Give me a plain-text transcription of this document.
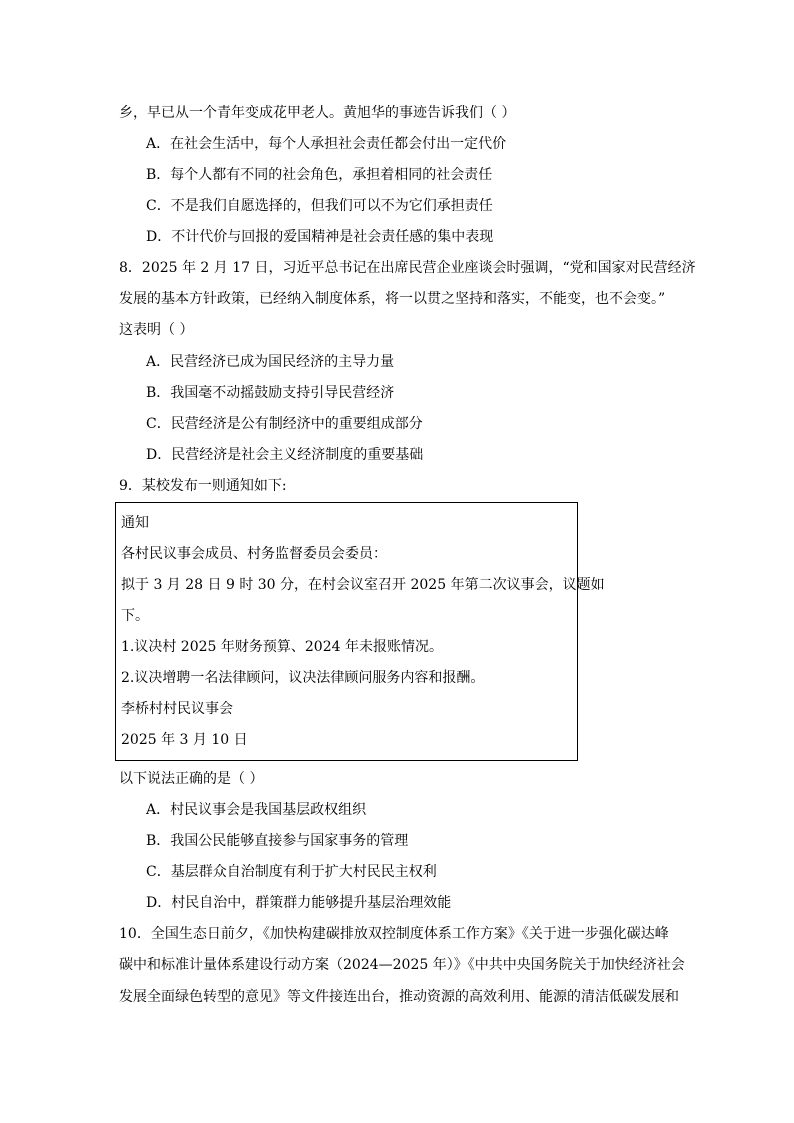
乡，早已从一个青年变成花甲老人。黄旭华的事迹告诉我们（ ）
A．在社会生活中，每个人承担社会责任都会付出一定代价
B．每个人都有不同的社会角色，承担着相同的社会责任
C．不是我们自愿选择的，但我们可以不为它们承担责任
D．不计代价与回报的爱国精神是社会责任感的集中表现
8．2025 年 2 月 17 日，习近平总书记在出席民营企业座谈会时强调，“党和国家对民营经济
发展的基本方针政策，已经纳入制度体系，将一以贯之坚持和落实，不能变，也不会变。”
这表明（ ）
A．民营经济已成为国民经济的主导力量
B．我国毫不动摇鼓励支持引导民营经济
C．民营经济是公有制经济中的重要组成部分
D．民营经济是社会主义经济制度的重要基础
9．某校发布一则通知如下:
通知
各村民议事会成员、村务监督委员会委员：
拟于 3 月 28 日 9 时 30 分，在村会议室召开 2025 年第二次议事会，议题如
下。
1.议决村 2025 年财务预算、2024 年未报账情况。
2.议决增聘一名法律顾问，议决法律顾问服务内容和报酬。
李桥村村民议事会
2025 年 3 月 10 日
以下说法正确的是（ ）
A．村民议事会是我国基层政权组织
B．我国公民能够直接参与国家事务的管理
C．基层群众自治制度有利于扩大村民民主权利
D．村民自治中，群策群力能够提升基层治理效能
10．全国生态日前夕，《加快构建碳排放双控制度体系工作方案》《关于进一步强化碳达峰
碳中和标准计量体系建设行动方案（2024—2025 年）》《中共中央国务院关于加快经济社会
发展全面绿色转型的意见》等文件接连出台，推动资源的高效利用、能源的清洁低碳发展和
